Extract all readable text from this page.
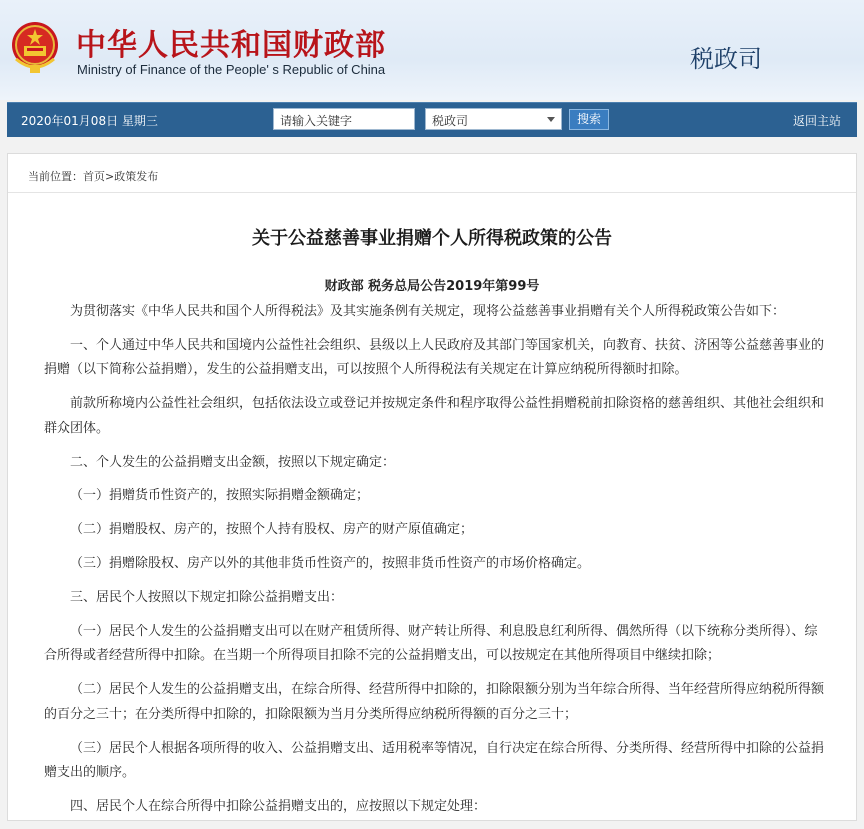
中华人民共和国财政部
Ministry of Finance of the People' s Republic of China	税政司
2020年01月08日 星期三	请输入关键字	税政司	搜索	返回主站
当前位置：首页>政策发布
关于公益慈善事业捐赠个人所得税政策的公告
财政部 税务总局公告2019年第99号

为贯彻落实《中华人民共和国个人所得税法》及其实施条例有关规定，现将公益慈善事业捐赠有关个人所得税政策公告如下：

一、个人通过中华人民共和国境内公益性社会组织、县级以上人民政府及其部门等国家机关，向教育、扶贫、济困等公益慈善事业的捐赠（以下简称公益捐赠），发生的公益捐赠支出，可以按照个人所得税法有关规定在计算应纳税所得额时扣除。

前款所称境内公益性社会组织，包括依法设立或登记并按规定条件和程序取得公益性捐赠税前扣除资格的慈善组织、其他社会组织和群众团体。

二、个人发生的公益捐赠支出金额，按照以下规定确定：

（一）捐赠货币性资产的，按照实际捐赠金额确定；

（二）捐赠股权、房产的，按照个人持有股权、房产的财产原值确定；

（三）捐赠除股权、房产以外的其他非货币性资产的，按照非货币性资产的市场价格确定。

三、居民个人按照以下规定扣除公益捐赠支出：

（一）居民个人发生的公益捐赠支出可以在财产租赁所得、财产转让所得、利息股息红利所得、偶然所得（以下统称分类所得）、综合所得或者经营所得中扣除。在当期一个所得项目扣除不完的公益捐赠支出，可以按规定在其他所得项目中继续扣除；

（二）居民个人发生的公益捐赠支出，在综合所得、经营所得中扣除的，扣除限额分别为当年综合所得、当年经营所得应纳税所得额的百分之三十；在分类所得中扣除的，扣除限额为当月分类所得应纳税所得额的百分之三十；

（三）居民个人根据各项所得的收入、公益捐赠支出、适用税率等情况，自行决定在综合所得、分类所得、经营所得中扣除的公益捐赠支出的顺序。

四、居民个人在综合所得中扣除公益捐赠支出的，应按照以下规定处理：
